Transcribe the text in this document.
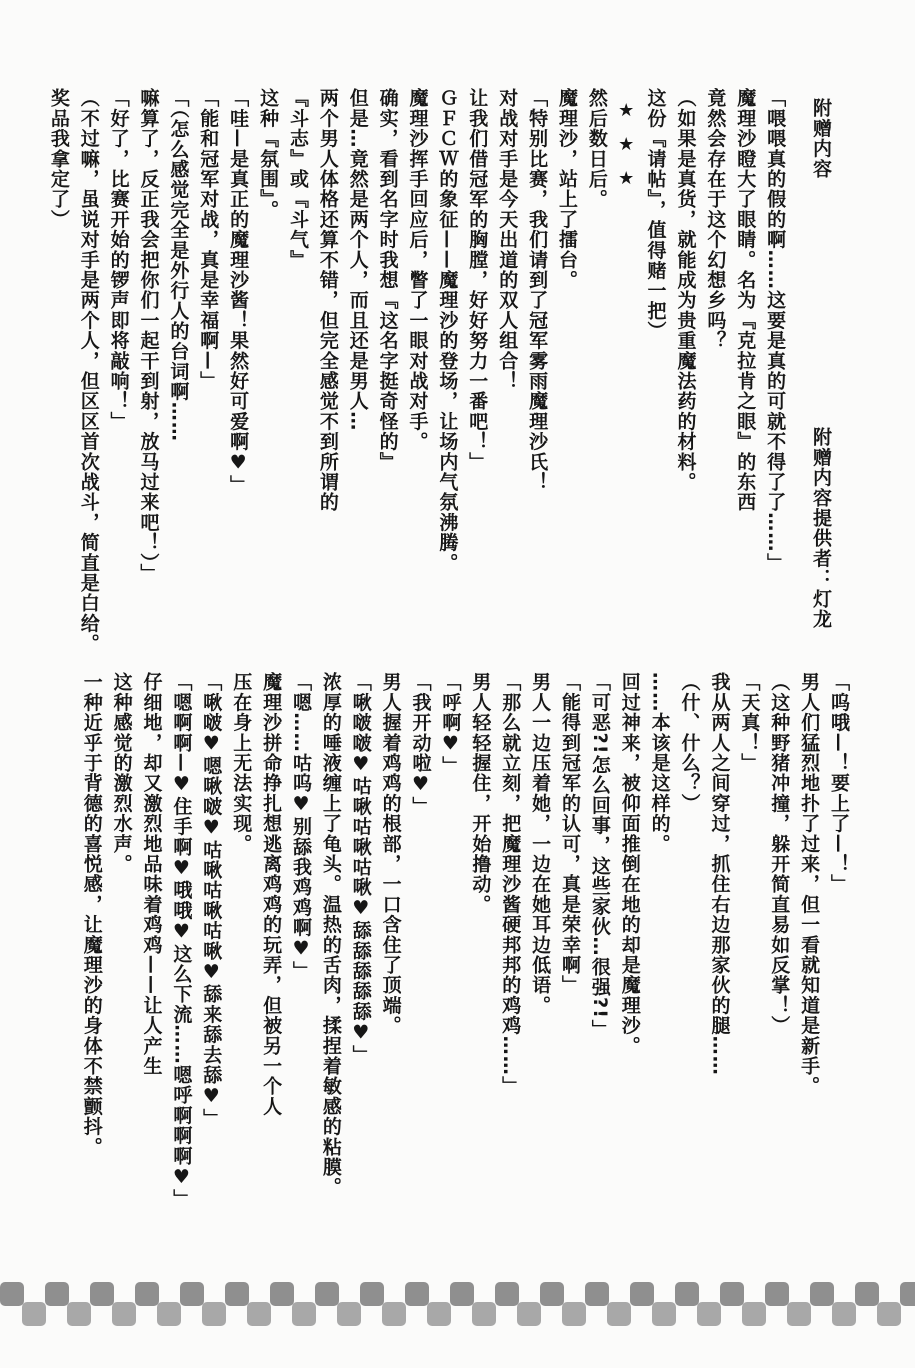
附赠内容 附赠内容提供者：灯龙
「喂喂真的假的啊……这要是真的可就不得了了……」
魔理沙瞪大了眼睛。名为『克拉肯之眼』的东西
竟然会存在于这个幻想乡吗？
（如果是真货，就能成为贵重魔法药的材料。
这份『请帖』，值得赌一把）
★★★
然后数日后。
魔理沙，站上了擂台。
「特别比赛，我们请到了冠军雾雨魔理沙氏！
对战对手是今天出道的双人组合！
让我们借冠军的胸膛，好好努力一番吧！」
ＧＦＣＷ的象征——魔理沙的登场，让场内气氛沸腾。
魔理沙挥手回应后，瞥了一眼对战对手。
确实，看到名字时我想『这名字挺奇怪的』
但是…竟然是两个人，而且还是男人…
两个男人体格还算不错，但完全感觉不到所谓的
『斗志』或『斗气』
这种『氛围』。
「哇—是真正的魔理沙酱！果然好可爱啊♥」
「能和冠军对战，真是幸福啊—」
「（怎么感觉完全是外行人的台词啊……
嘛算了，反正我会把你们一起干到射，放马过来吧！）」
「好了，比赛开始的锣声即将敲响！」
（不过嘛，虽说对手是两个人，但区区首次战斗，简直是白给。
奖品我拿定了）
「呜哦—！要上了—！」
男人们猛烈地扑了过来，但一看就知道是新手。
（这种野猪冲撞，躲开简直易如反掌！）
「天真！」
我从两人之间穿过，抓住右边那家伙的腿……
（什、什么？）
……本该是这样的。
回过神来，被仰面推倒在地的却是魔理沙。
「可恶?!怎么回事，这些家伙…很强?!」
「能得到冠军的认可，真是荣幸啊」
男人一边压着她，一边在她耳边低语。
「那么就立刻，把魔理沙酱硬邦邦的鸡鸡……」
男人轻轻握住，开始撸动。
「呼啊♥」
「我开动啦♥」
男人握着鸡鸡的根部，一口含住了顶端。
「啾啵啵♥咕啾咕啾咕啾♥舔舔舔舔舔♥」
浓厚的唾液缠上了龟头。温热的舌肉，揉捏着敏感的粘膜。
「嗯……咕呜♥别舔我鸡鸡啊♥」
魔理沙拼命挣扎想逃离鸡鸡的玩弄，但被另一个人
压在身上无法实现。
「啾啵♥嗯啾啵♥咕啾咕啾咕啾♥舔来舔去舔♥」
「嗯啊啊—♥住手啊♥哦哦♥这么下流……嗯呼啊啊啊♥」
仔细地，却又激烈地品味着鸡鸡——让人产生
这种感觉的激烈水声。
一种近乎于背德的喜悦感，让魔理沙的身体不禁颤抖。
